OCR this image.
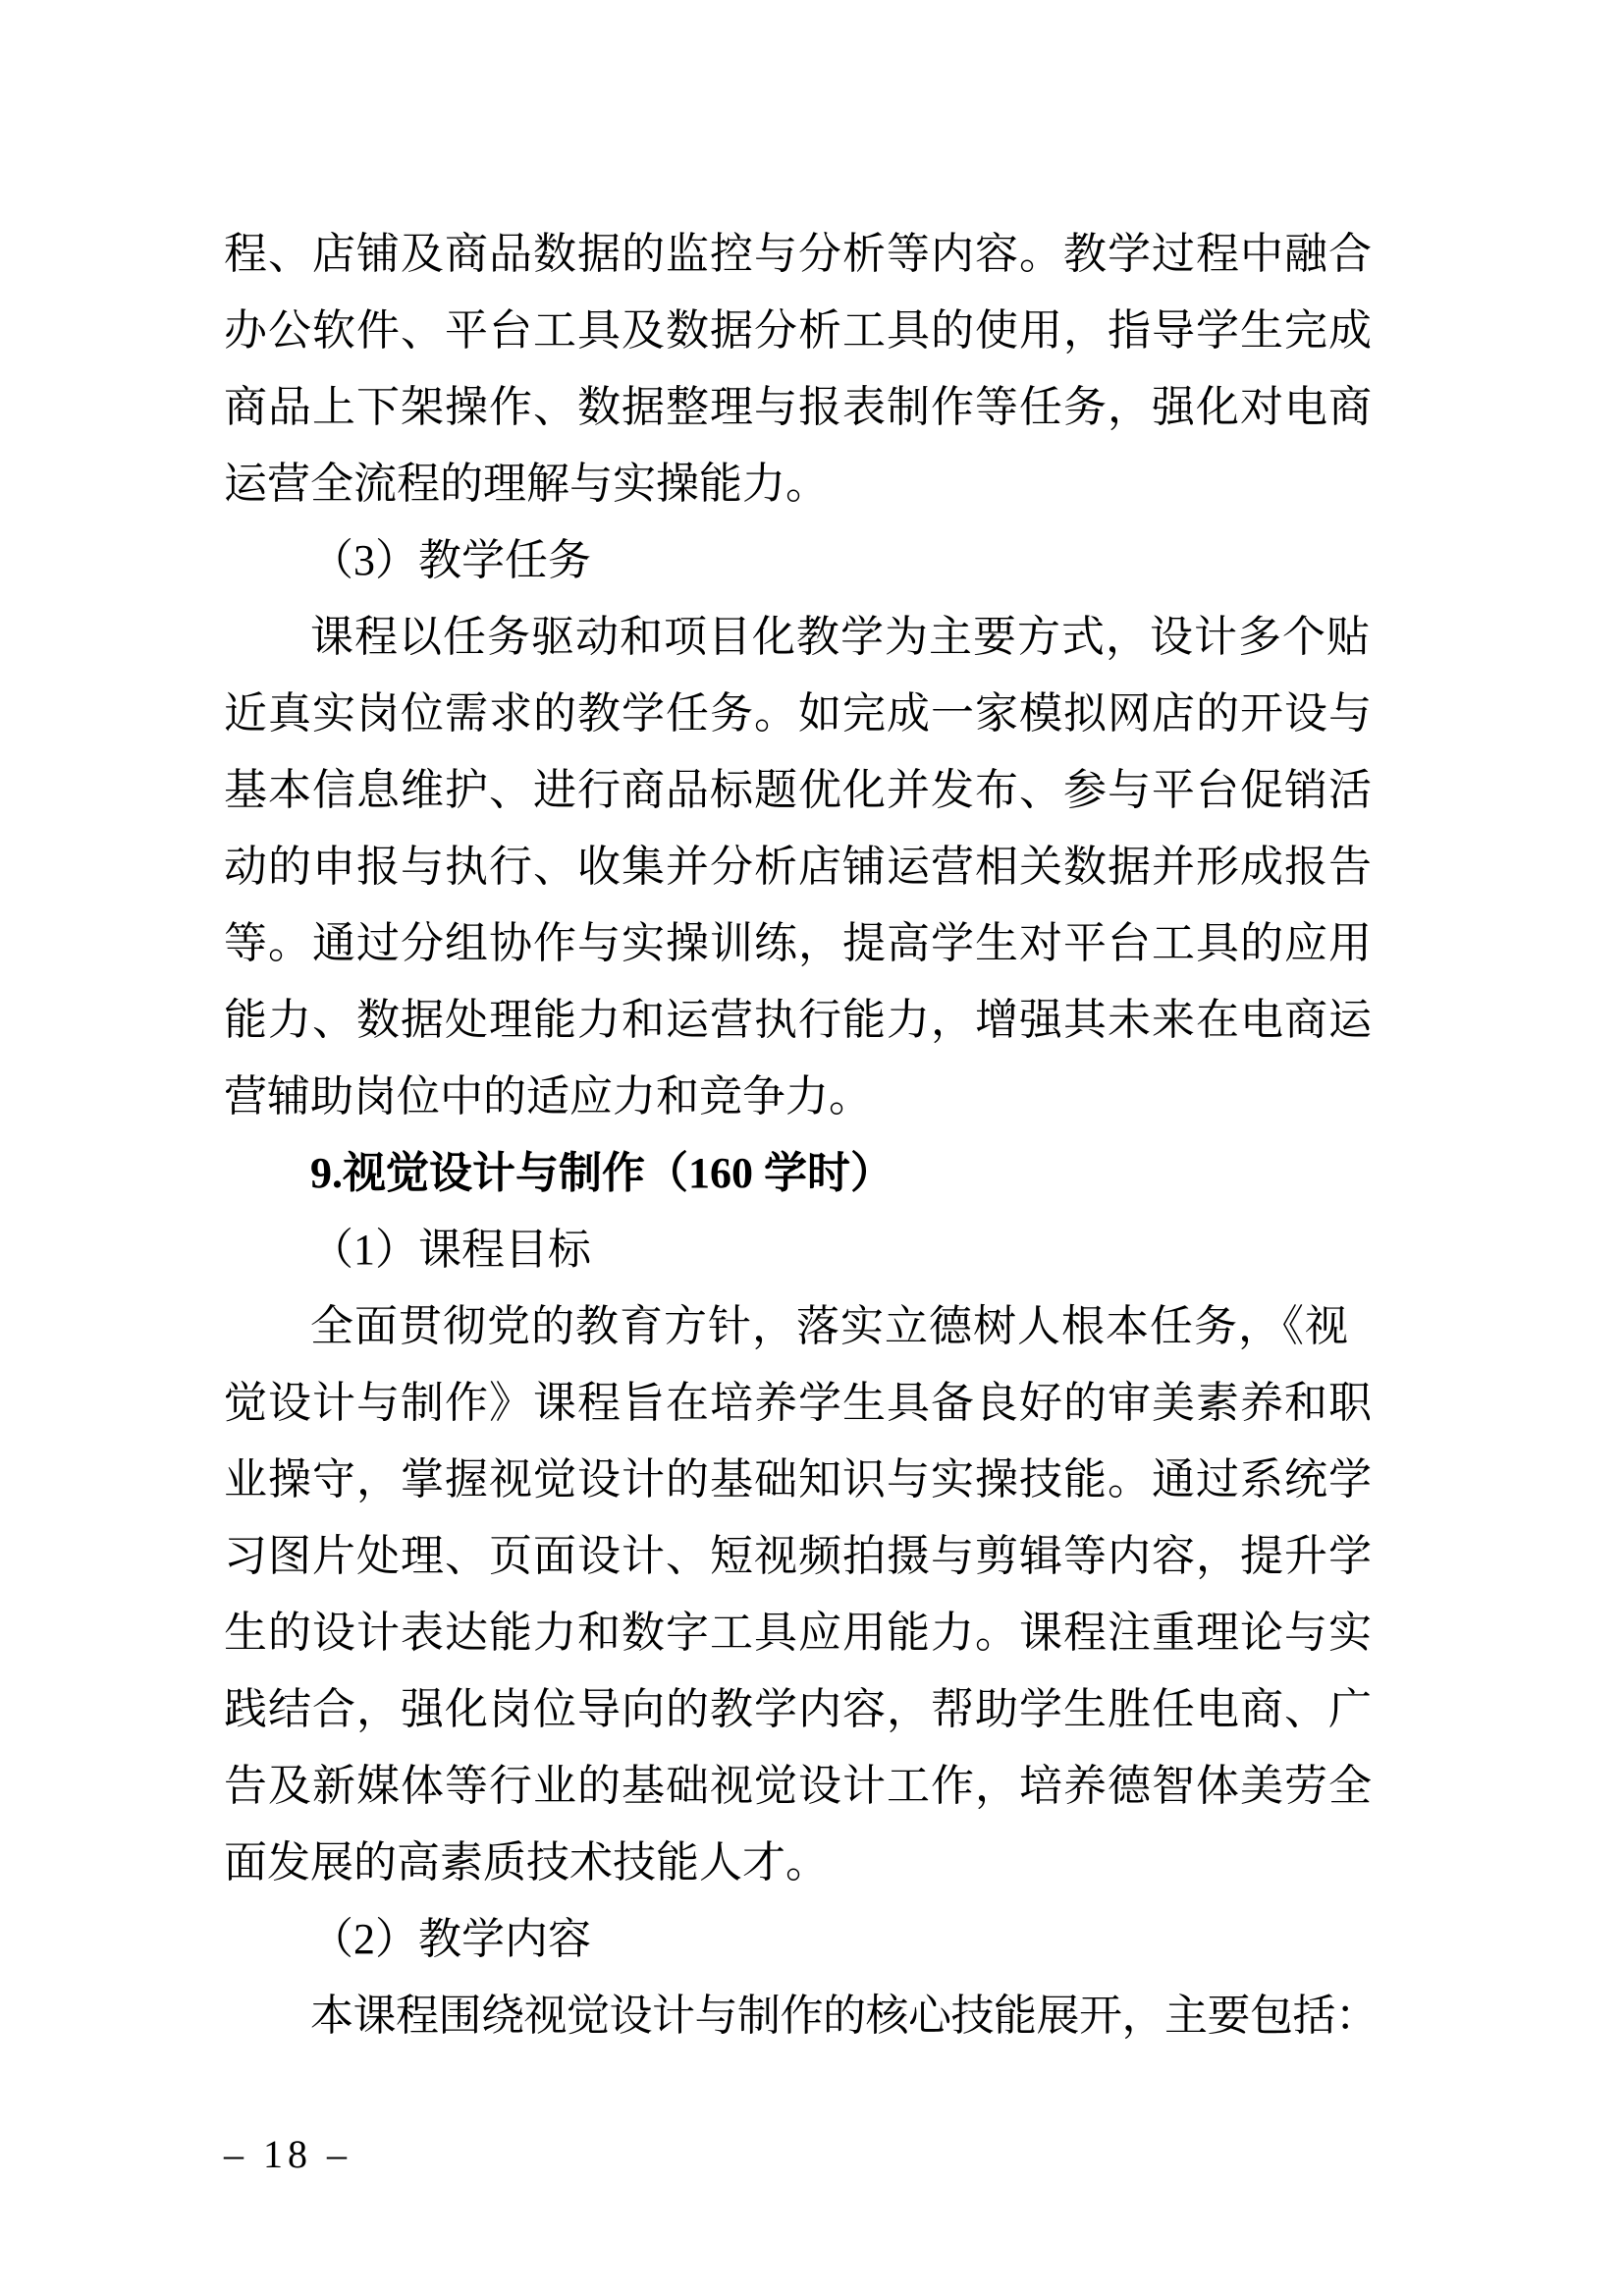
程、店铺及商品数据的监控与分析等内容。教学过程中融合
办公软件、平台工具及数据分析工具的使用，指导学生完成
商品上下架操作、数据整理与报表制作等任务，强化对电商
运营全流程的理解与实操能力。
（3）教学任务
课程以任务驱动和项目化教学为主要方式，设计多个贴
近真实岗位需求的教学任务。如完成一家模拟网店的开设与
基本信息维护、进行商品标题优化并发布、参与平台促销活
动的申报与执行、收集并分析店铺运营相关数据并形成报告
等。通过分组协作与实操训练，提高学生对平台工具的应用
能力、数据处理能力和运营执行能力，增强其未来在电商运
营辅助岗位中的适应力和竞争力。
9.视觉设计与制作（160 学时）
（1）课程目标
全面贯彻党的教育方针，落实立德树人根本任务，《视
觉设计与制作》课程旨在培养学生具备良好的审美素养和职
业操守，掌握视觉设计的基础知识与实操技能。通过系统学
习图片处理、页面设计、短视频拍摄与剪辑等内容，提升学
生的设计表达能力和数字工具应用能力。课程注重理论与实
践结合，强化岗位导向的教学内容，帮助学生胜任电商、广
告及新媒体等行业的基础视觉设计工作，培养德智体美劳全
面发展的高素质技术技能人才。
（2）教学内容
本课程围绕视觉设计与制作的核心技能展开，主要包括：
– 18 –
